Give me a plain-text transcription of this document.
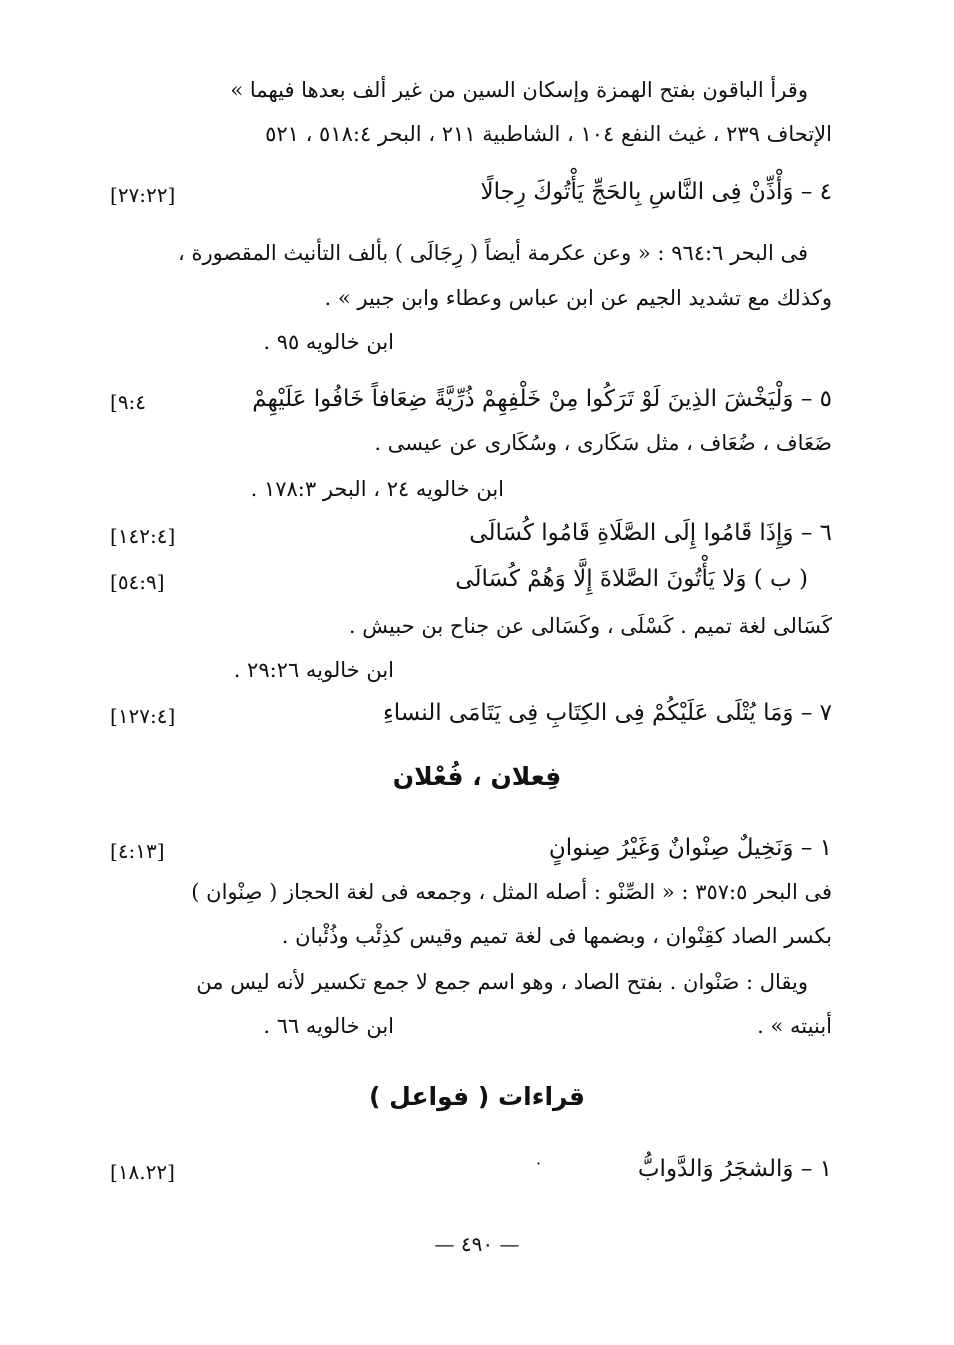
وقرأ الباقون بفتح الهمزة وإسكان السين من غير ألف بعدها فيهما »
الإتحاف ٢٣٩ ، غيث النفع ١٠٤ ، الشاطبية ٢١١ ، البحر ٥١٨:٤ ، ٥٢١
٤ – وَأْذِّنْ فِى النَّاسِ بِالحَجِّ يَأْتُوكَ رِجالًا
[٢٧:٢٢]
فى البحر ٩٦٤:٦ : « وعن عكرمة أيضاً ( رِجَالَى ) بألف التأنيث المقصورة ،
وكذلك مع تشديد الجيم عن ابن عباس وعطاء وابن جبير » .
ابن خالويه ٩٥ .
٥ – وَلْيَخْشَ الذِينَ لَوْ تَرَكُوا مِنْ خَلْفِهِمْ ذُرِّيَّةً ضِعَافاً خَافُوا عَلَيْهِمْ
[٩:٤
ضَعَاف ، ضُعَاف ، مثل سَكَارى ، وسُكَارى عن عيسى .
ابن خالويه ٢٤ ، البحر ١٧٨:٣ .
٦ – وَإِذَا قَامُوا إِلَى الصَّلَاةِ قَامُوا كُسَالَى
[١٤٢:٤]
( ب ) وَلا يَأْتُونَ الصَّلاةَ إِلَّا وَهُمْ كُسَالَى
[٥٤:٩]
كَسَالى لغة تميم . كَسْلَى ، وكَسَالى عن جناح بن حبيش .
ابن خالويه ٢٩:٢٦ .
٧ – وَمَا يُتْلَى عَلَيْكُمْ فِى الكِتَابِ فِى يَتَامَى النساءِ
[١٢٧:٤]
فِعلان ، فُعْلان
١ – وَنَخِيلٌ صِنْوانٌ وَغَيْرُ صِنوانٍ
[٤:١٣]
فى البحر ٣٥٧:٥ : « الصِّنْو : أصله المثل ، وجمعه فى لغة الحجاز ( صِنْوان )
بكسر الصاد كقِنْوان ، وبضمها فى لغة تميم وقيس كذِئْب وذُئْبان .
ويقال : صَنْوان . بفتح الصاد ، وهو اسم جمع لا جمع تكسير لأنه ليس من
أبنيته » .
ابن خالويه ٦٦ .
قراءات ( فواعل )
١ – وَالشجَرُ وَالدَّوابُّ
[١٨.٢٢]	·
— ٤٩٠ —
